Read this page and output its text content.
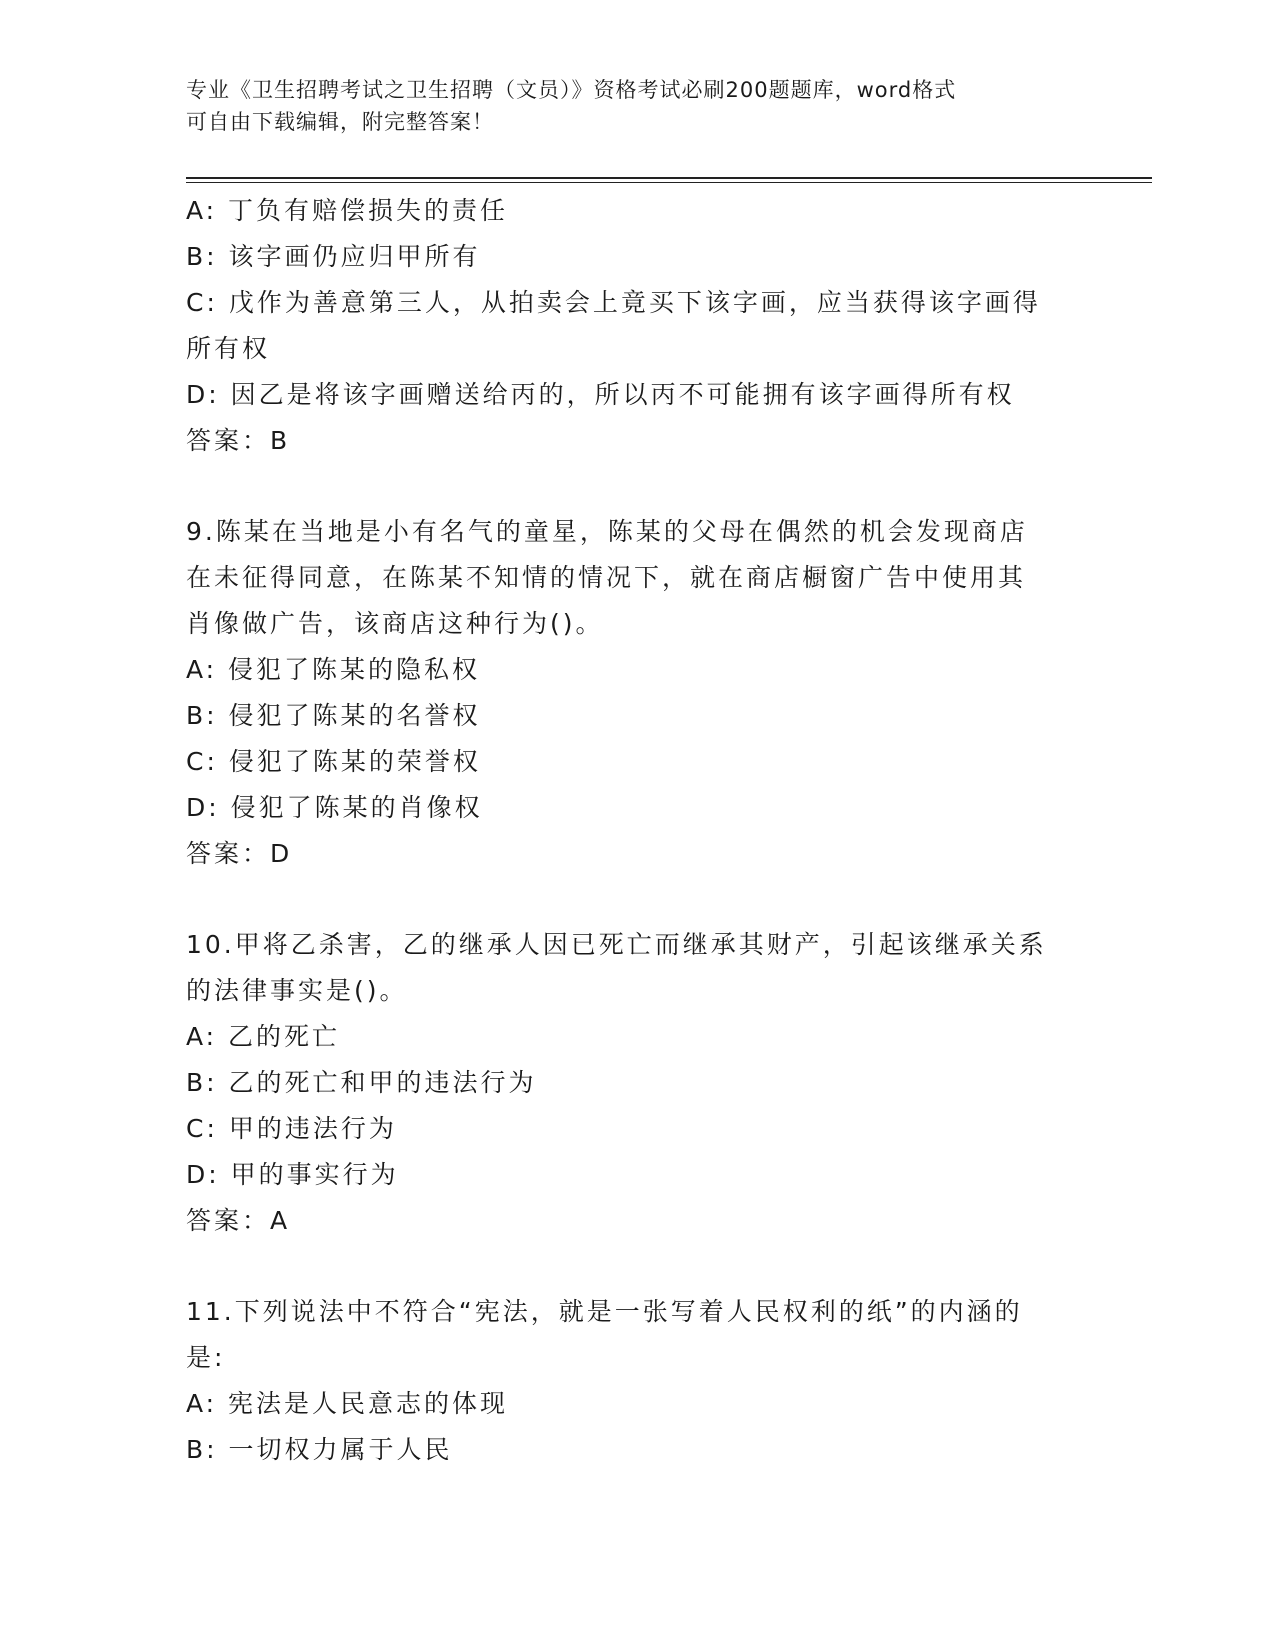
专业《卫生招聘考试之卫生招聘（文员）》资格考试必刷200题题库，word格式
可自由下载编辑，附完整答案！
A: 丁负有赔偿损失的责任
B: 该字画仍应归甲所有
C: 戊作为善意第三人，从拍卖会上竟买下该字画，应当获得该字画得
所有权
D: 因乙是将该字画赠送给丙的，所以丙不可能拥有该字画得所有权
答案：B
9.陈某在当地是小有名气的童星，陈某的父母在偶然的机会发现商店
在未征得同意，在陈某不知情的情况下，就在商店橱窗广告中使用其
肖像做广告，该商店这种行为()。
A: 侵犯了陈某的隐私权
B: 侵犯了陈某的名誉权
C: 侵犯了陈某的荣誉权
D: 侵犯了陈某的肖像权
答案：D
10.甲将乙杀害，乙的继承人因已死亡而继承其财产，引起该继承关系
的法律事实是()。
A: 乙的死亡
B: 乙的死亡和甲的违法行为
C: 甲的违法行为
D: 甲的事实行为
答案：A
11.下列说法中不符合“宪法，就是一张写着人民权利的纸”的内涵的
是:
A: 宪法是人民意志的体现
B: 一切权力属于人民
